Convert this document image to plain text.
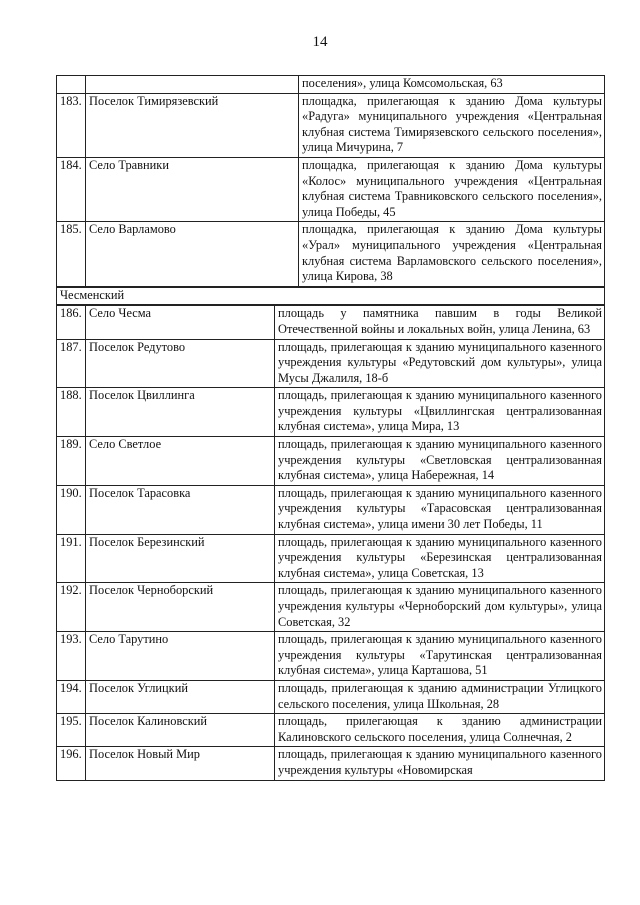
14
		поселения», улица Комсомольская, 63
183.	Поселок Тимирязевский	площадка, прилегающая к зданию Дома культуры «Радуга» муниципального учреждения «Центральная клубная система Тимирязевского сельского поселения», улица Мичурина, 7
184.	Село Травники	площадка, прилегающая к зданию Дома культуры «Колос» муниципального учреждения «Центральная клубная система Травниковского сельского поселения», улица Победы, 45
185.	Село Варламово	площадка, прилегающая к зданию Дома культуры «Урал» муниципального учреждения «Центральная клубная система Варламовского сельского поселения», улица Кирова, 38
Чесменский
186.	Село Чесма	площадь у памятника павшим в годы Великой Отечественной войны и локальных войн, улица Ленина, 63
187.	Поселок Редутово	площадь, прилегающая к зданию муниципального казенного учреждения культуры «Редутовский дом культуры», улица Мусы Джалиля, 18-б
188.	Поселок Цвиллинга	площадь, прилегающая к зданию муниципального казенного учреждения культуры «Цвиллингская централизованная клубная система», улица Мира, 13
189.	Село Светлое	площадь, прилегающая к зданию муниципального казенного учреждения культуры «Светловская централизованная клубная система», улица Набережная, 14
190.	Поселок Тарасовка	площадь, прилегающая к зданию муниципального казенного учреждения культуры «Тарасовская централизованная клубная система», улица имени 30 лет Победы, 11
191.	Поселок Березинский	площадь, прилегающая к зданию муниципального казенного учреждения культуры «Березинская централизованная клубная система», улица Советская, 13
192.	Поселок Черноборский	площадь, прилегающая к зданию муниципального казенного учреждения культуры «Черноборский дом культуры», улица Советская, 32
193.	Село Тарутино	площадь, прилегающая к зданию муниципального казенного учреждения культуры «Тарутинская централизованная клубная система», улица Карташова, 51
194.	Поселок Углицкий	площадь, прилегающая к зданию администрации Углицкого сельского поселения, улица Школьная, 28
195.	Поселок Калиновский	площадь, прилегающая к зданию администрации Калиновского сельского поселения, улица Солнечная, 2
196.	Поселок Новый Мир	площадь, прилегающая к зданию муниципального казенного учреждения культуры «Новомирская
